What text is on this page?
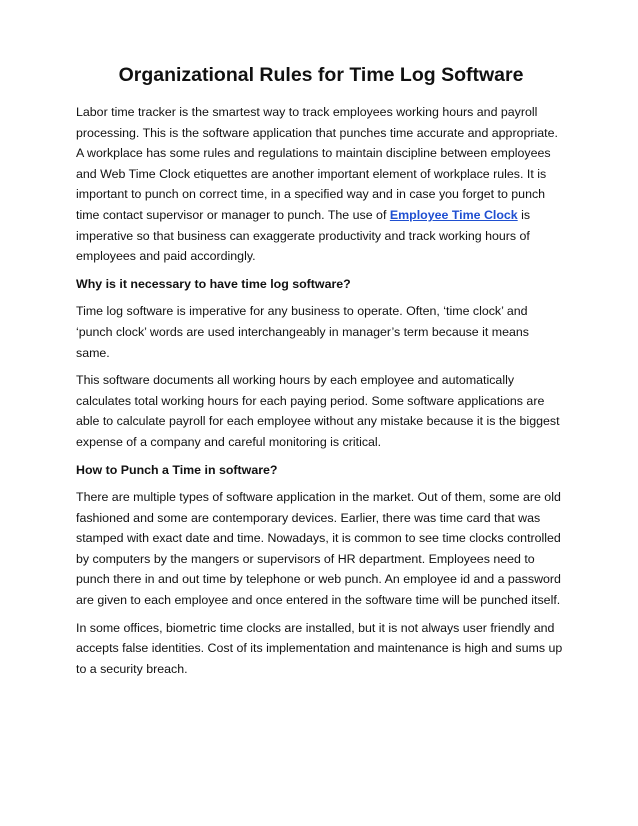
Organizational Rules for Time Log Software

Labor time tracker is the smartest way to track employees working hours and payroll processing. This is the software application that punches time accurate and appropriate. A workplace has some rules and regulations to maintain discipline between employees and Web Time Clock etiquettes are another important element of workplace rules. It is important to punch on correct time, in a specified way and in case you forget to punch time contact supervisor or manager to punch. The use of Employee Time Clock is imperative so that business can exaggerate productivity and track working hours of employees and paid accordingly.

Why is it necessary to have time log software?

Time log software is imperative for any business to operate. Often, ‘time clock’ and ‘punch clock’ words are used interchangeably in manager’s term because it means same.

This software documents all working hours by each employee and automatically calculates total working hours for each paying period. Some software applications are able to calculate payroll for each employee without any mistake because it is the biggest expense of a company and careful monitoring is critical.

How to Punch a Time in software?

There are multiple types of software application in the market. Out of them, some are old fashioned and some are contemporary devices. Earlier, there was time card that was stamped with exact date and time. Nowadays, it is common to see time clocks controlled by computers by the mangers or supervisors of HR department. Employees need to punch there in and out time by telephone or web punch. An employee id and a password are given to each employee and once entered in the software time will be punched itself.

In some offices, biometric time clocks are installed, but it is not always user friendly and accepts false identities. Cost of its implementation and maintenance is high and sums up to a security breach.
